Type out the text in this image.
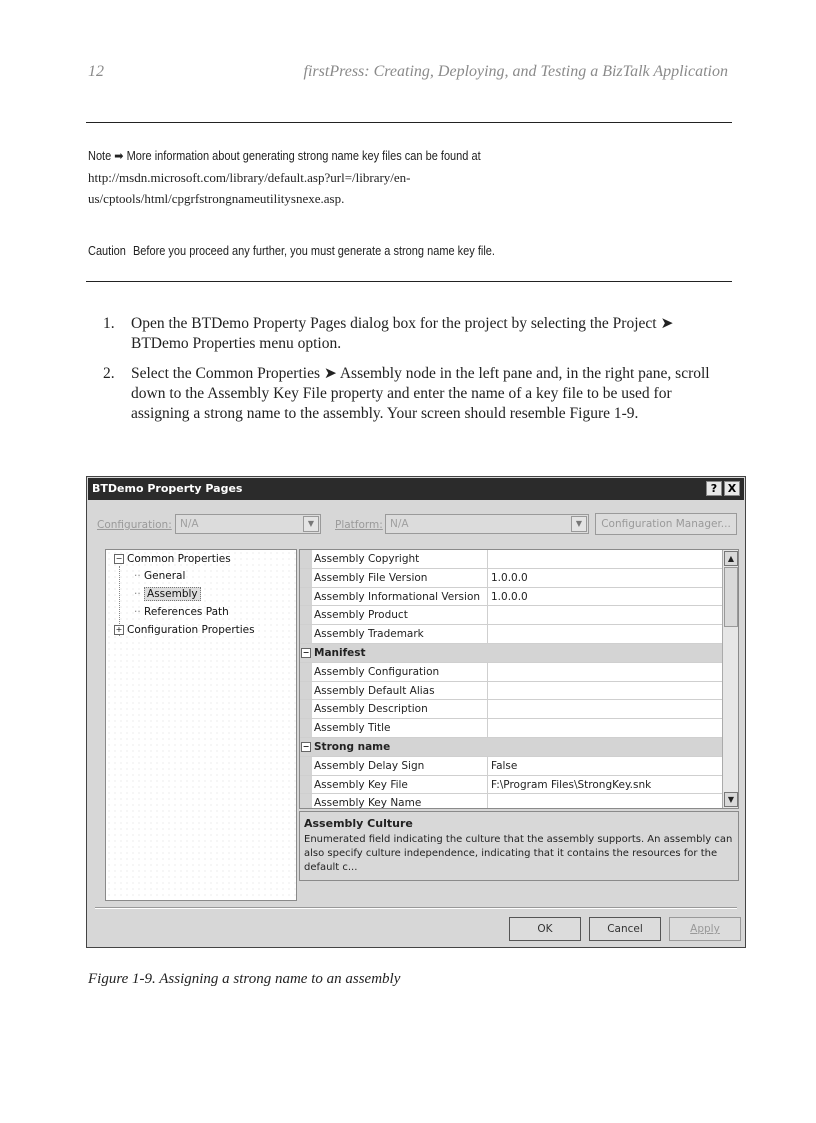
12	firstPress: Creating, Deploying, and Testing a BizTalk Application
Note ➡ More information about generating strong name key files can be found at
http://msdn.microsoft.com/library/default.asp?url=/library/en-
us/cptools/html/cpgrfstrongnameutilitysnexe.asp.
Caution Before you proceed any further, you must generate a strong name key file.
1. Open the BTDemo Property Pages dialog box for the project by selecting the Project ➤ BTDemo Properties menu option.
2. Select the Common Properties ➤ Assembly node in the left pane and, in the right pane, scroll down to the Assembly Key File property and enter the name of a key file to be used for assigning a strong name to the assembly. Your screen should resemble Figure 1-9.
BTDemo Property Pages	? X
Configuration: N/A	▼	Platform: N/A	▼	Configuration Manager...
− Common Properties
·· General
·· Assembly
·· References Path
+ Configuration Properties
Assembly Copyright
Assembly File Version	1.0.0.0
Assembly Informational Version	1.0.0.0
Assembly Product
Assembly Trademark
− Manifest
Assembly Configuration
Assembly Default Alias
Assembly Description
Assembly Title
− Strong name
Assembly Delay Sign	False
Assembly Key File	F:\Program Files\StrongKey.snk
Assembly Key Name
▲
▼
Assembly Culture
Enumerated field indicating the culture that the assembly supports. An assembly can also specify culture independence, indicating that it contains the resources for the default c...
OK	Cancel	Apply
Figure 1-9. Assigning a strong name to an assembly
